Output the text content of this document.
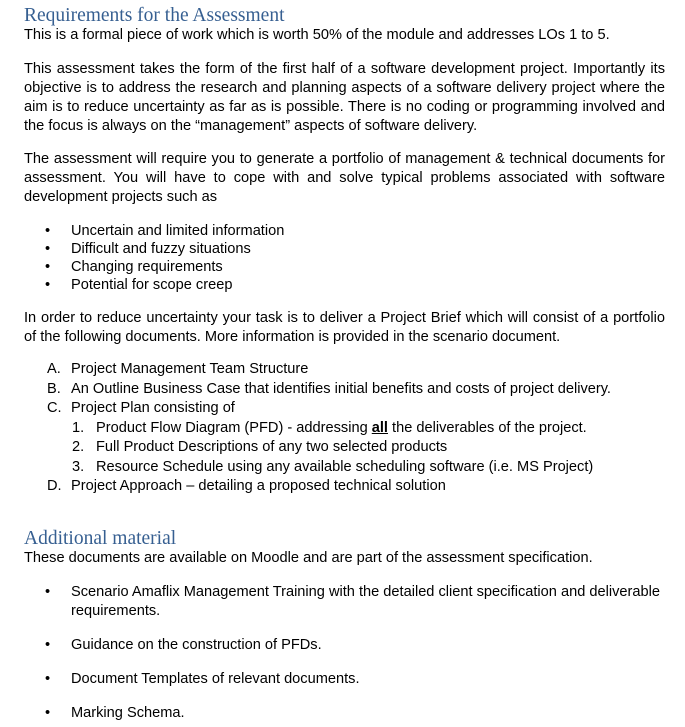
Requirements for the Assessment
This is a formal piece of work which is worth 50% of the module and addresses LOs 1 to 5.

This assessment takes the form of the first half of a software development project. Importantly its objective is to address the research and planning aspects of a software delivery project where the aim is to reduce uncertainty as far as is possible. There is no coding or programming involved and the focus is always on the “management” aspects of software delivery.

The assessment will require you to generate a portfolio of management & technical documents for assessment. You will have to cope with and solve typical problems associated with software development projects such as

• Uncertain and limited information
• Difficult and fuzzy situations
• Changing requirements
• Potential for scope creep

In order to reduce uncertainty your task is to deliver a Project Brief which will consist of a portfolio of the following documents. More information is provided in the scenario document.

A. Project Management Team Structure
B. An Outline Business Case that identifies initial benefits and costs of project delivery.
C. Project Plan consisting of
1. Product Flow Diagram (PFD) - addressing all the deliverables of the project.
2. Full Product Descriptions of any two selected products
3. Resource Schedule using any available scheduling software (i.e. MS Project)
D. Project Approach – detailing a proposed technical solution
Additional material
These documents are available on Moodle and are part of the assessment specification.
• Scenario Amaflix Management Training with the detailed client specification and deliverable requirements.
• Guidance on the construction of PFDs.
• Document Templates of relevant documents.
• Marking Schema.
